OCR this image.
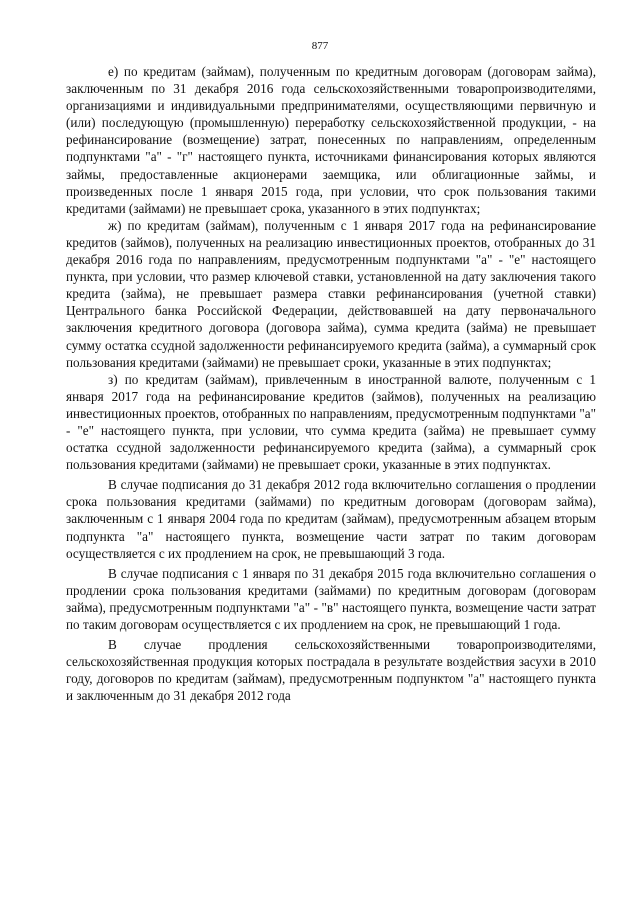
877

е) по кредитам (займам), полученным по кредитным договорам (договорам займа), заключенным по 31 декабря 2016 года сельскохозяйственными товаропроизводителями, организациями и индивидуальными предпринимателями, осуществляющими первичную и (или) последующую (промышленную) переработку сельскохозяйственной продукции, - на рефинансирование (возмещение) затрат, понесенных по направлениям, определенным подпунктами "а" - "г" настоящего пункта, источниками финансирования которых являются займы, предоставленные акционерами заемщика, или облигационные займы, и произведенных после 1 января 2015 года, при условии, что срок пользования такими кредитами (займами) не превышает срока, указанного в этих подпунктах;

ж) по кредитам (займам), полученным с 1 января 2017 года на рефинансирование кредитов (займов), полученных на реализацию инвестиционных проектов, отобранных до 31 декабря 2016 года по направлениям, предусмотренным подпунктами "а" - "е" настоящего пункта, при условии, что размер ключевой ставки, установленной на дату заключения такого кредита (займа), не превышает размера ставки рефинансирования (учетной ставки) Центрального банка Российской Федерации, действовавшей на дату первоначального заключения кредитного договора (договора займа), сумма кредита (займа) не превышает сумму остатка ссудной задолженности рефинансируемого кредита (займа), а суммарный срок пользования кредитами (займами) не превышает сроки, указанные в этих подпунктах;

з) по кредитам (займам), привлеченным в иностранной валюте, полученным с 1 января 2017 года на рефинансирование кредитов (займов), полученных на реализацию инвестиционных проектов, отобранных по направлениям, предусмотренным подпунктами "а" - "е" настоящего пункта, при условии, что сумма кредита (займа) не превышает сумму остатка ссудной задолженности рефинансируемого кредита (займа), а суммарный срок пользования кредитами (займами) не превышает сроки, указанные в этих подпунктах.

В случае подписания до 31 декабря 2012 года включительно соглашения о продлении срока пользования кредитами (займами) по кредитным договорам (договорам займа), заключенным с 1 января 2004 года по кредитам (займам), предусмотренным абзацем вторым подпункта "а" настоящего пункта, возмещение части затрат по таким договорам осуществляется с их продлением на срок, не превышающий 3 года.

В случае подписания с 1 января по 31 декабря 2015 года включительно соглашения о продлении срока пользования кредитами (займами) по кредитным договорам (договорам займа), предусмотренным подпунктами "а" - "в" настоящего пункта, возмещение части затрат по таким договорам осуществляется с их продлением на срок, не превышающий 1 года.

В случае продления сельскохозяйственными товаропроизводителями, сельскохозяйственная продукция которых пострадала в результате воздействия засухи в 2010 году, договоров по кредитам (займам), предусмотренным подпунктом "а" настоящего пункта и заключенным до 31 декабря 2012 года
